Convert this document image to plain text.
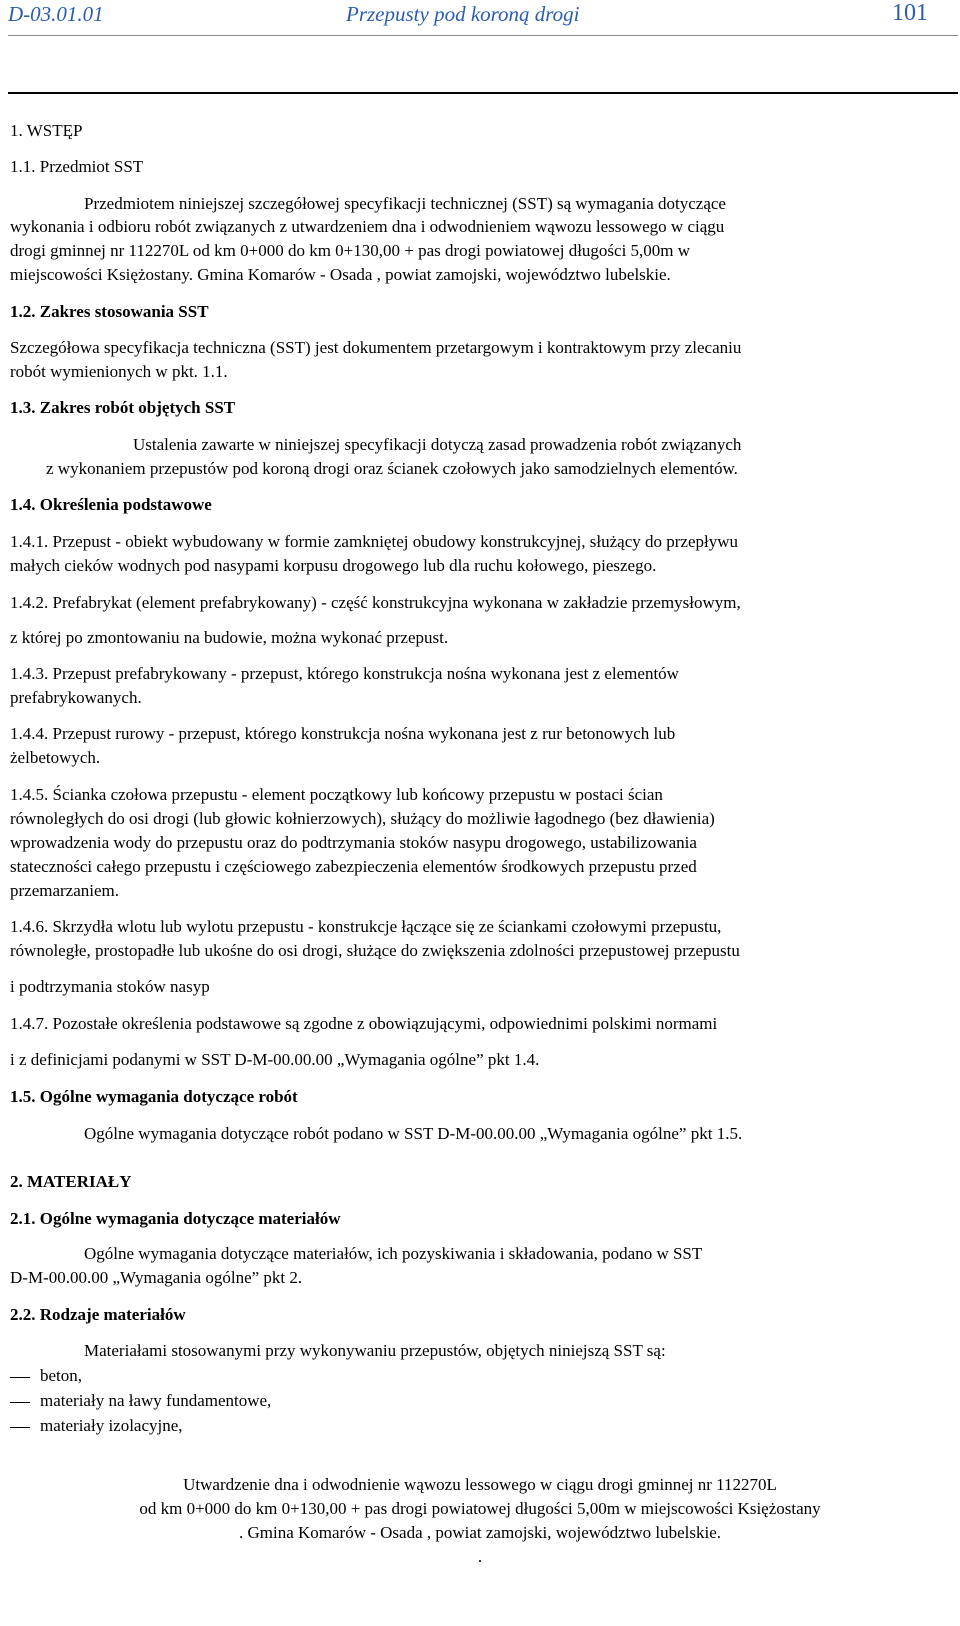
D-03.01.01	Przepusty pod koroną drogi	101
1. WSTĘP
1.1. Przedmiot SST
Przedmiotem niniejszej szczegółowej specyfikacji technicznej (SST) są wymagania dotyczące
wykonania i odbioru robót związanych z utwardzeniem dna i odwodnieniem wąwozu lessowego w ciągu
drogi gminnej nr 112270L od km 0+000 do km 0+130,00 + pas drogi powiatowej długości 5,00m w
miejscowości Księżostany. Gmina Komarów - Osada , powiat zamojski, województwo lubelskie.
1.2. Zakres stosowania SST
Szczegółowa specyfikacja techniczna (SST) jest dokumentem przetargowym i kontraktowym przy zlecaniu
robót wymienionych w pkt. 1.1.
1.3. Zakres robót objętych SST
Ustalenia zawarte w niniejszej specyfikacji dotyczą zasad prowadzenia robót związanych
z wykonaniem przepustów pod koroną drogi oraz ścianek czołowych jako samodzielnych elementów.
1.4. Określenia podstawowe
1.4.1. Przepust - obiekt wybudowany w formie zamkniętej obudowy konstrukcyjnej, służący do przepływu
małych cieków wodnych pod nasypami korpusu drogowego lub dla ruchu kołowego, pieszego.
1.4.2. Prefabrykat (element prefabrykowany) - część konstrukcyjna wykonana w zakładzie przemysłowym,
z której po zmontowaniu na budowie, można wykonać przepust.
1.4.3. Przepust prefabrykowany - przepust, którego konstrukcja nośna wykonana jest z elementów
prefabrykowanych.
1.4.4. Przepust rurowy - przepust, którego konstrukcja nośna wykonana jest z rur betonowych lub
żelbetowych.
1.4.5. Ścianka czołowa przepustu - element początkowy lub końcowy przepustu w postaci ścian
równoległych do osi drogi (lub głowic kołnierzowych), służący do możliwie łagodnego (bez dławienia)
wprowadzenia wody do przepustu oraz do podtrzymania stoków nasypu drogowego, ustabilizowania
stateczności całego przepustu i częściowego zabezpieczenia elementów środkowych przepustu przed
przemarzaniem.
1.4.6. Skrzydła wlotu lub wylotu przepustu - konstrukcje łączące się ze ściankami czołowymi przepustu,
równoległe, prostopadłe lub ukośne do osi drogi, służące do zwiększenia zdolności przepustowej przepustu
i podtrzymania stoków nasyp
1.4.7. Pozostałe określenia podstawowe są zgodne z obowiązującymi, odpowiednimi polskimi normami
i z definicjami podanymi w SST D-M-00.00.00 „Wymagania ogólne” pkt 1.4.
1.5. Ogólne wymagania dotyczące robót
Ogólne wymagania dotyczące robót podano w SST D-M-00.00.00 „Wymagania ogólne” pkt 1.5.
2. MATERIAŁY
2.1. Ogólne wymagania dotyczące materiałów
Ogólne wymagania dotyczące materiałów, ich pozyskiwania i składowania, podano w SST
D-M-00.00.00 „Wymagania ogólne” pkt 2.
2.2. Rodzaje materiałów
Materiałami stosowanymi przy wykonywaniu przepustów, objętych niniejszą SST są:
beton,
materiały na ławy fundamentowe,
materiały izolacyjne,
Utwardzenie dna i odwodnienie wąwozu lessowego w ciągu drogi gminnej nr 112270L
od km 0+000 do km 0+130,00 + pas drogi powiatowej długości 5,00m w miejscowości Księżostany
. Gmina Komarów - Osada , powiat zamojski, województwo lubelskie.
.
